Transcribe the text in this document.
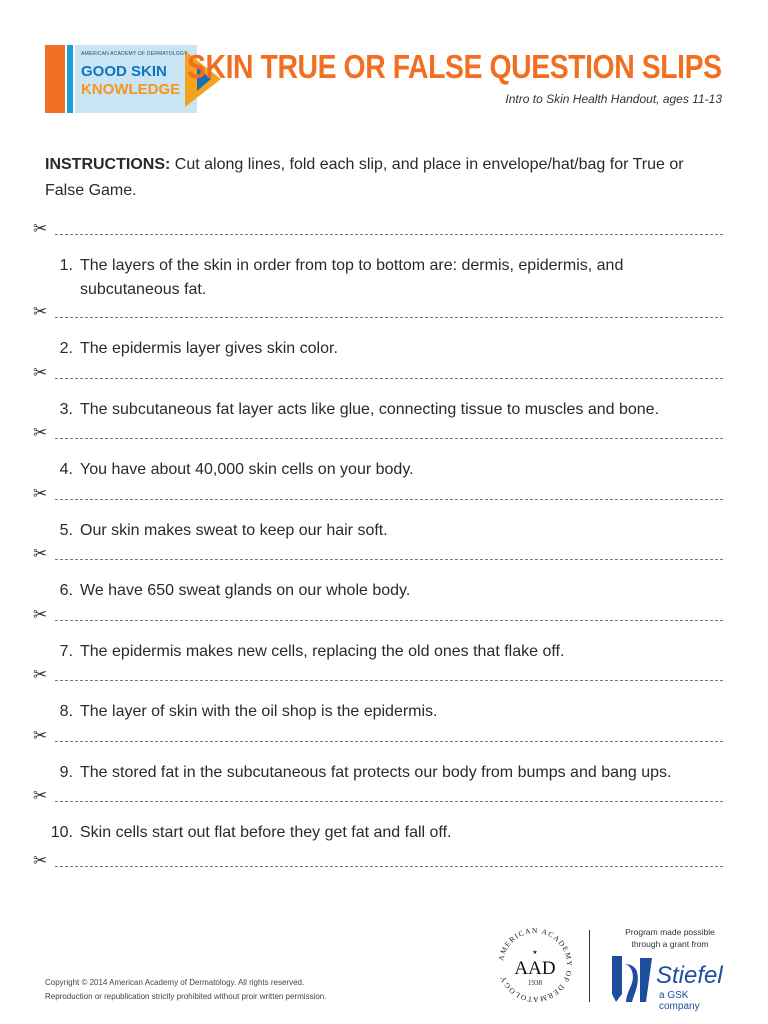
AMERICAN ACADEMY OF DERMATOLOGY
GOOD SKIN
KNOWLEDGE
SKIN TRUE OR FALSE QUESTION SLIPS
Intro to Skin Health Handout, ages 11-13
INSTRUCTIONS: Cut along lines, fold each slip, and place in envelope/hat/bag for True or False Game.
✂
✂
✂
✂
✂
✂
✂
✂
✂
✂
✂
1. The layers of the skin in order from top to bottom are: dermis, epidermis, and subcutaneous fat.
2. The epidermis layer gives skin color.
3. The subcutaneous fat layer acts like glue, connecting tissue to muscles and bone.
4. You have about 40,000 skin cells on your body.
5. Our skin makes sweat to keep our hair soft.
6. We have 650 sweat glands on our whole body.
7. The epidermis makes new cells, replacing the old ones that flake off.
8. The layer of skin with the oil shop is the epidermis.
9. The stored fat in the subcutaneous fat protects our body from bumps and bang ups.
10. Skin cells start out flat before they get fat and fall off.
Copyright © 2014 American Academy of Dermatology. All rights reserved.
Reproduction or republication strictly prohibited without proir written permission.
AMERICAN ACADEMY OF DERMATOLOGY
★
AAD
1938
Program made possible
through a grant from
Stiefel
a GSK company
